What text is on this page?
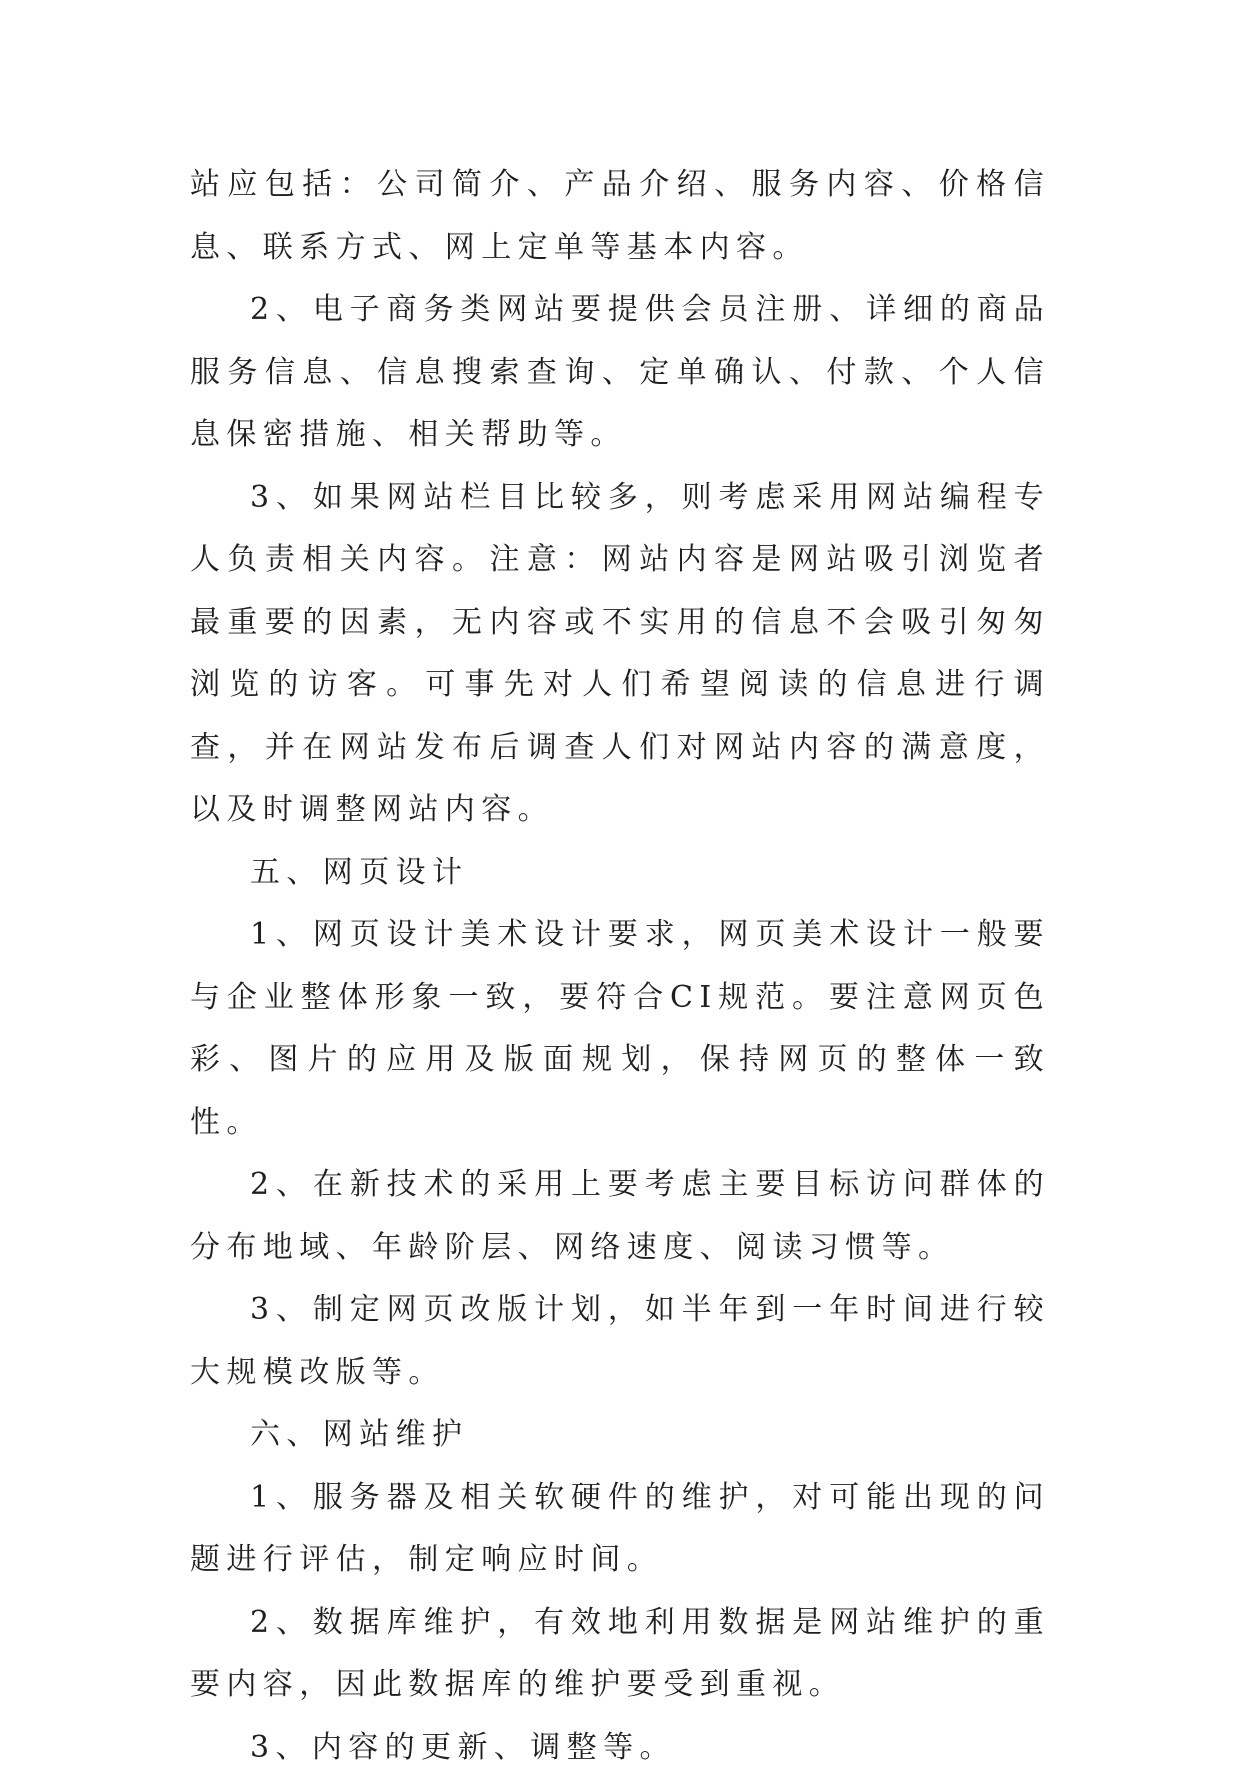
站应包括：公司简介、产品介绍、服务内容、价格信息、联系方式、网上定单等基本内容。

2、电子商务类网站要提供会员注册、详细的商品服务信息、信息搜索查询、定单确认、付款、个人信息保密措施、相关帮助等。

3、如果网站栏目比较多，则考虑采用网站编程专人负责相关内容。注意：网站内容是网站吸引浏览者最重要的因素，无内容或不实用的信息不会吸引匆匆浏览的访客。可事先对人们希望阅读的信息进行调查，并在网站发布后调查人们对网站内容的满意度，以及时调整网站内容。

五、网页设计

1、网页设计美术设计要求，网页美术设计一般要与企业整体形象一致，要符合CI规范。要注意网页色彩、图片的应用及版面规划，保持网页的整体一致性。

2、在新技术的采用上要考虑主要目标访问群体的分布地域、年龄阶层、网络速度、阅读习惯等。

3、制定网页改版计划，如半年到一年时间进行较大规模改版等。

六、网站维护

1、服务器及相关软硬件的维护，对可能出现的问题进行评估，制定响应时间。

2、数据库维护，有效地利用数据是网站维护的重要内容，因此数据库的维护要受到重视。

3、内容的更新、调整等。
